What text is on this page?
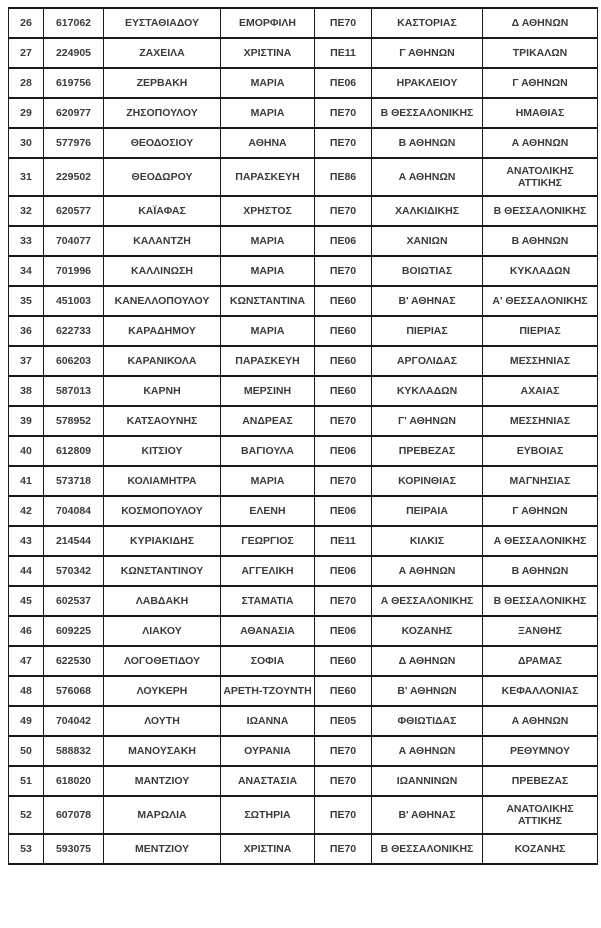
26	617062	ΕΥΣΤΑΘΙΑΔΟΥ	ΕΜΟΡΦΙΛΗ	ΠΕ70	ΚΑΣΤΟΡΙΑΣ	Δ ΑΘΗΝΩΝ
27	224905	ΖΑΧΕΙΛΑ	ΧΡΙΣΤΙΝΑ	ΠΕ11	Γ ΑΘΗΝΩΝ	ΤΡΙΚΑΛΩΝ
28	619756	ΖΕΡΒΑΚΗ	ΜΑΡΙΑ	ΠΕ06	ΗΡΑΚΛΕΙΟΥ	Γ ΑΘΗΝΩΝ
29	620977	ΖΗΣΟΠΟΥΛΟΥ	ΜΑΡΙΑ	ΠΕ70	Β ΘΕΣΣΑΛΟΝΙΚΗΣ	ΗΜΑΘΙΑΣ
30	577976	ΘΕΟΔΟΣΙΟΥ	ΑΘΗΝΑ	ΠΕ70	Β ΑΘΗΝΩΝ	Α ΑΘΗΝΩΝ
31	229502	ΘΕΟΔΩΡΟΥ	ΠΑΡΑΣΚΕΥΗ	ΠΕ86	Α ΑΘΗΝΩΝ	ΑΝΑΤΟΛΙΚΗΣ ΑΤΤΙΚΗΣ
32	620577	ΚΑΪΑΦΑΣ	ΧΡΗΣΤΟΣ	ΠΕ70	ΧΑΛΚΙΔΙΚΗΣ	Β ΘΕΣΣΑΛΟΝΙΚΗΣ
33	704077	ΚΑΛΑΝΤΖΗ	ΜΑΡΙΑ	ΠΕ06	ΧΑΝΙΩΝ	Β ΑΘΗΝΩΝ
34	701996	ΚΑΛΛΙΝΩΣΗ	ΜΑΡΙΑ	ΠΕ70	ΒΟΙΩΤΙΑΣ	ΚΥΚΛΑΔΩΝ
35	451003	ΚΑΝΕΛΛΟΠΟΥΛΟΥ	ΚΩΝΣΤΑΝΤΙΝΑ	ΠΕ60	Β' ΑΘΗΝΑΣ	Α' ΘΕΣΣΑΛΟΝΙΚΗΣ
36	622733	ΚΑΡΑΔΗΜΟΥ	ΜΑΡΙΑ	ΠΕ60	ΠΙΕΡΙΑΣ	ΠΙΕΡΙΑΣ
37	606203	ΚΑΡΑΝΙΚΟΛΑ	ΠΑΡΑΣΚΕΥΗ	ΠΕ60	ΑΡΓΟΛΙΔΑΣ	ΜΕΣΣΗΝΙΑΣ
38	587013	ΚΑΡΝΗ	ΜΕΡΣΙΝΗ	ΠΕ60	ΚΥΚΛΑΔΩΝ	ΑΧΑΙΑΣ
39	578952	ΚΑΤΣΑΟΥΝΗΣ	ΑΝΔΡΕΑΣ	ΠΕ70	Γ' ΑΘΗΝΩΝ	ΜΕΣΣΗΝΙΑΣ
40	612809	ΚΙΤΣΙΟΥ	ΒΑΓΙΟΥΛΑ	ΠΕ06	ΠΡΕΒΕΖΑΣ	ΕΥΒΟΙΑΣ
41	573718	ΚΟΛΙΑΜΗΤΡΑ	ΜΑΡΙΑ	ΠΕ70	ΚΟΡΙΝΘΙΑΣ	ΜΑΓΝΗΣΙΑΣ
42	704084	ΚΟΣΜΟΠΟΥΛΟΥ	ΕΛΕΝΗ	ΠΕ06	ΠΕΙΡΑΙΑ	Γ ΑΘΗΝΩΝ
43	214544	ΚΥΡΙΑΚΙΔΗΣ	ΓΕΩΡΓΙΟΣ	ΠΕ11	ΚΙΛΚΙΣ	Α ΘΕΣΣΑΛΟΝΙΚΗΣ
44	570342	ΚΩΝΣΤΑΝΤΙΝΟΥ	ΑΓΓΕΛΙΚΗ	ΠΕ06	Α ΑΘΗΝΩΝ	Β ΑΘΗΝΩΝ
45	602537	ΛΑΒΔΑΚΗ	ΣΤΑΜΑΤΙΑ	ΠΕ70	Α ΘΕΣΣΑΛΟΝΙΚΗΣ	Β ΘΕΣΣΑΛΟΝΙΚΗΣ
46	609225	ΛΙΑΚΟΥ	ΑΘΑΝΑΣΙΑ	ΠΕ06	ΚΟΖΑΝΗΣ	ΞΑΝΘΗΣ
47	622530	ΛΟΓΟΘΕΤΙΔΟΥ	ΣΟΦΙΑ	ΠΕ60	Δ ΑΘΗΝΩΝ	ΔΡΑΜΑΣ
48	576068	ΛΟΥΚΕΡΗ	ΑΡΕΤΗ-ΤΖΟΥΝΤΗ	ΠΕ60	Β' ΑΘΗΝΩΝ	ΚΕΦΑΛΛΟΝΙΑΣ
49	704042	ΛΟΥΤΗ	ΙΩΑΝΝΑ	ΠΕ05	ΦΘΙΩΤΙΔΑΣ	Α ΑΘΗΝΩΝ
50	588832	ΜΑΝΟΥΣΑΚΗ	ΟΥΡΑΝΙΑ	ΠΕ70	Α ΑΘΗΝΩΝ	ΡΕΘΥΜΝΟΥ
51	618020	ΜΑΝΤΖΙΟΥ	ΑΝΑΣΤΑΣΙΑ	ΠΕ70	ΙΩΑΝΝΙΝΩΝ	ΠΡΕΒΕΖΑΣ
52	607078	ΜΑΡΩΛΙΑ	ΣΩΤΗΡΙΑ	ΠΕ70	Β' ΑΘΗΝΑΣ	ΑΝΑΤΟΛΙΚΗΣ ΑΤΤΙΚΗΣ
53	593075	ΜΕΝΤΖΙΟΥ	ΧΡΙΣΤΙΝΑ	ΠΕ70	Β ΘΕΣΣΑΛΟΝΙΚΗΣ	ΚΟΖΑΝΗΣ
